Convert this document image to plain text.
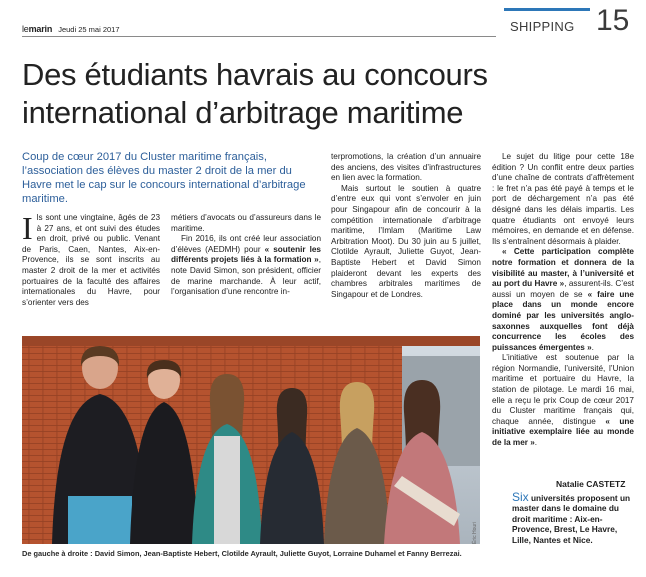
lemarin Jeudi 25 mai 2017	SHIPPING 15
Des étudiants havrais au concours international d’arbitrage maritime
Coup de cœur 2017 du Cluster maritime français, l’association des élèves du master 2 droit de la mer du Havre met le cap sur le concours international d’arbitrage maritime.

Ils sont une vingtaine, âgés de 23 à 27 ans, et ont suivi des études en droit, privé ou public. Venant de Paris, Caen, Nantes, Aix-en-Provence, ils se sont inscrits au master 2 droit de la mer et activités portuaires de la faculté des affaires internationales du Havre, pour s’orienter vers des

métiers d’avocats ou d’assureurs dans le maritime.

Fin 2016, ils ont créé leur association d’élèves (AEDMH) pour « soutenir les différents projets liés à la formation », note David Simon, son président, officier de marine marchande. À leur actif, l’organisation d’une rencontre in-

terpromotions, la création d’un annuaire des anciens, des visites d’infrastructures en lien avec la formation.

Mais surtout le soutien à quatre d’entre eux qui vont s’envoler en juin pour Singapour afin de concourir à la compétition internationale d’arbitrage maritime, l’Imlam (Maritime Law Arbitration Moot). Du 30 juin au 5 juillet, Clotilde Ayrault, Juliette Guyot, Jean-Baptiste Hebert et David Simon plaideront devant les experts des chambres arbitrales maritimes de Singapour et de Londres.

Le sujet du litige pour cette 18e édition ? Un conflit entre deux parties d’une chaîne de contrats d’affrètement : le fret n’a pas été payé à temps et le port de déchargement n’a pas été désigné dans les délais impartis. Les quatre étudiants ont envoyé leurs mémoires, en demande et en défense. Ils s’entraînent désormais à plaider.

« Cette participation complète notre formation et donnera de la visibilité au master, à l’université et au port du Havre », assurent-ils. C’est aussi un moyen de se « faire une place dans un monde encore dominé par les universités anglo-saxonnes auxquelles font déjà concurrence les écoles des puissances émergentes ».

L’initiative est soutenue par la région Normandie, l’université, l’Union maritime et portuaire du Havre, la station de pilotage. Le mardi 16 mai, elle a reçu le prix Coup de cœur 2017 du Cluster maritime français qui, chaque année, distingue « une initiative exemplaire liée au monde de la mer ».

Natalie CASTETZ
Six universités proposent un master dans le domaine du droit maritime : Aix-en-Provence, Brest, Le Havre, Lille, Nantes et Nice.
Éric Houri
De gauche à droite : David Simon, Jean-Baptiste Hebert, Clotilde Ayrault, Juliette Guyot, Lorraine Duhamel et Fanny Berrezai.
